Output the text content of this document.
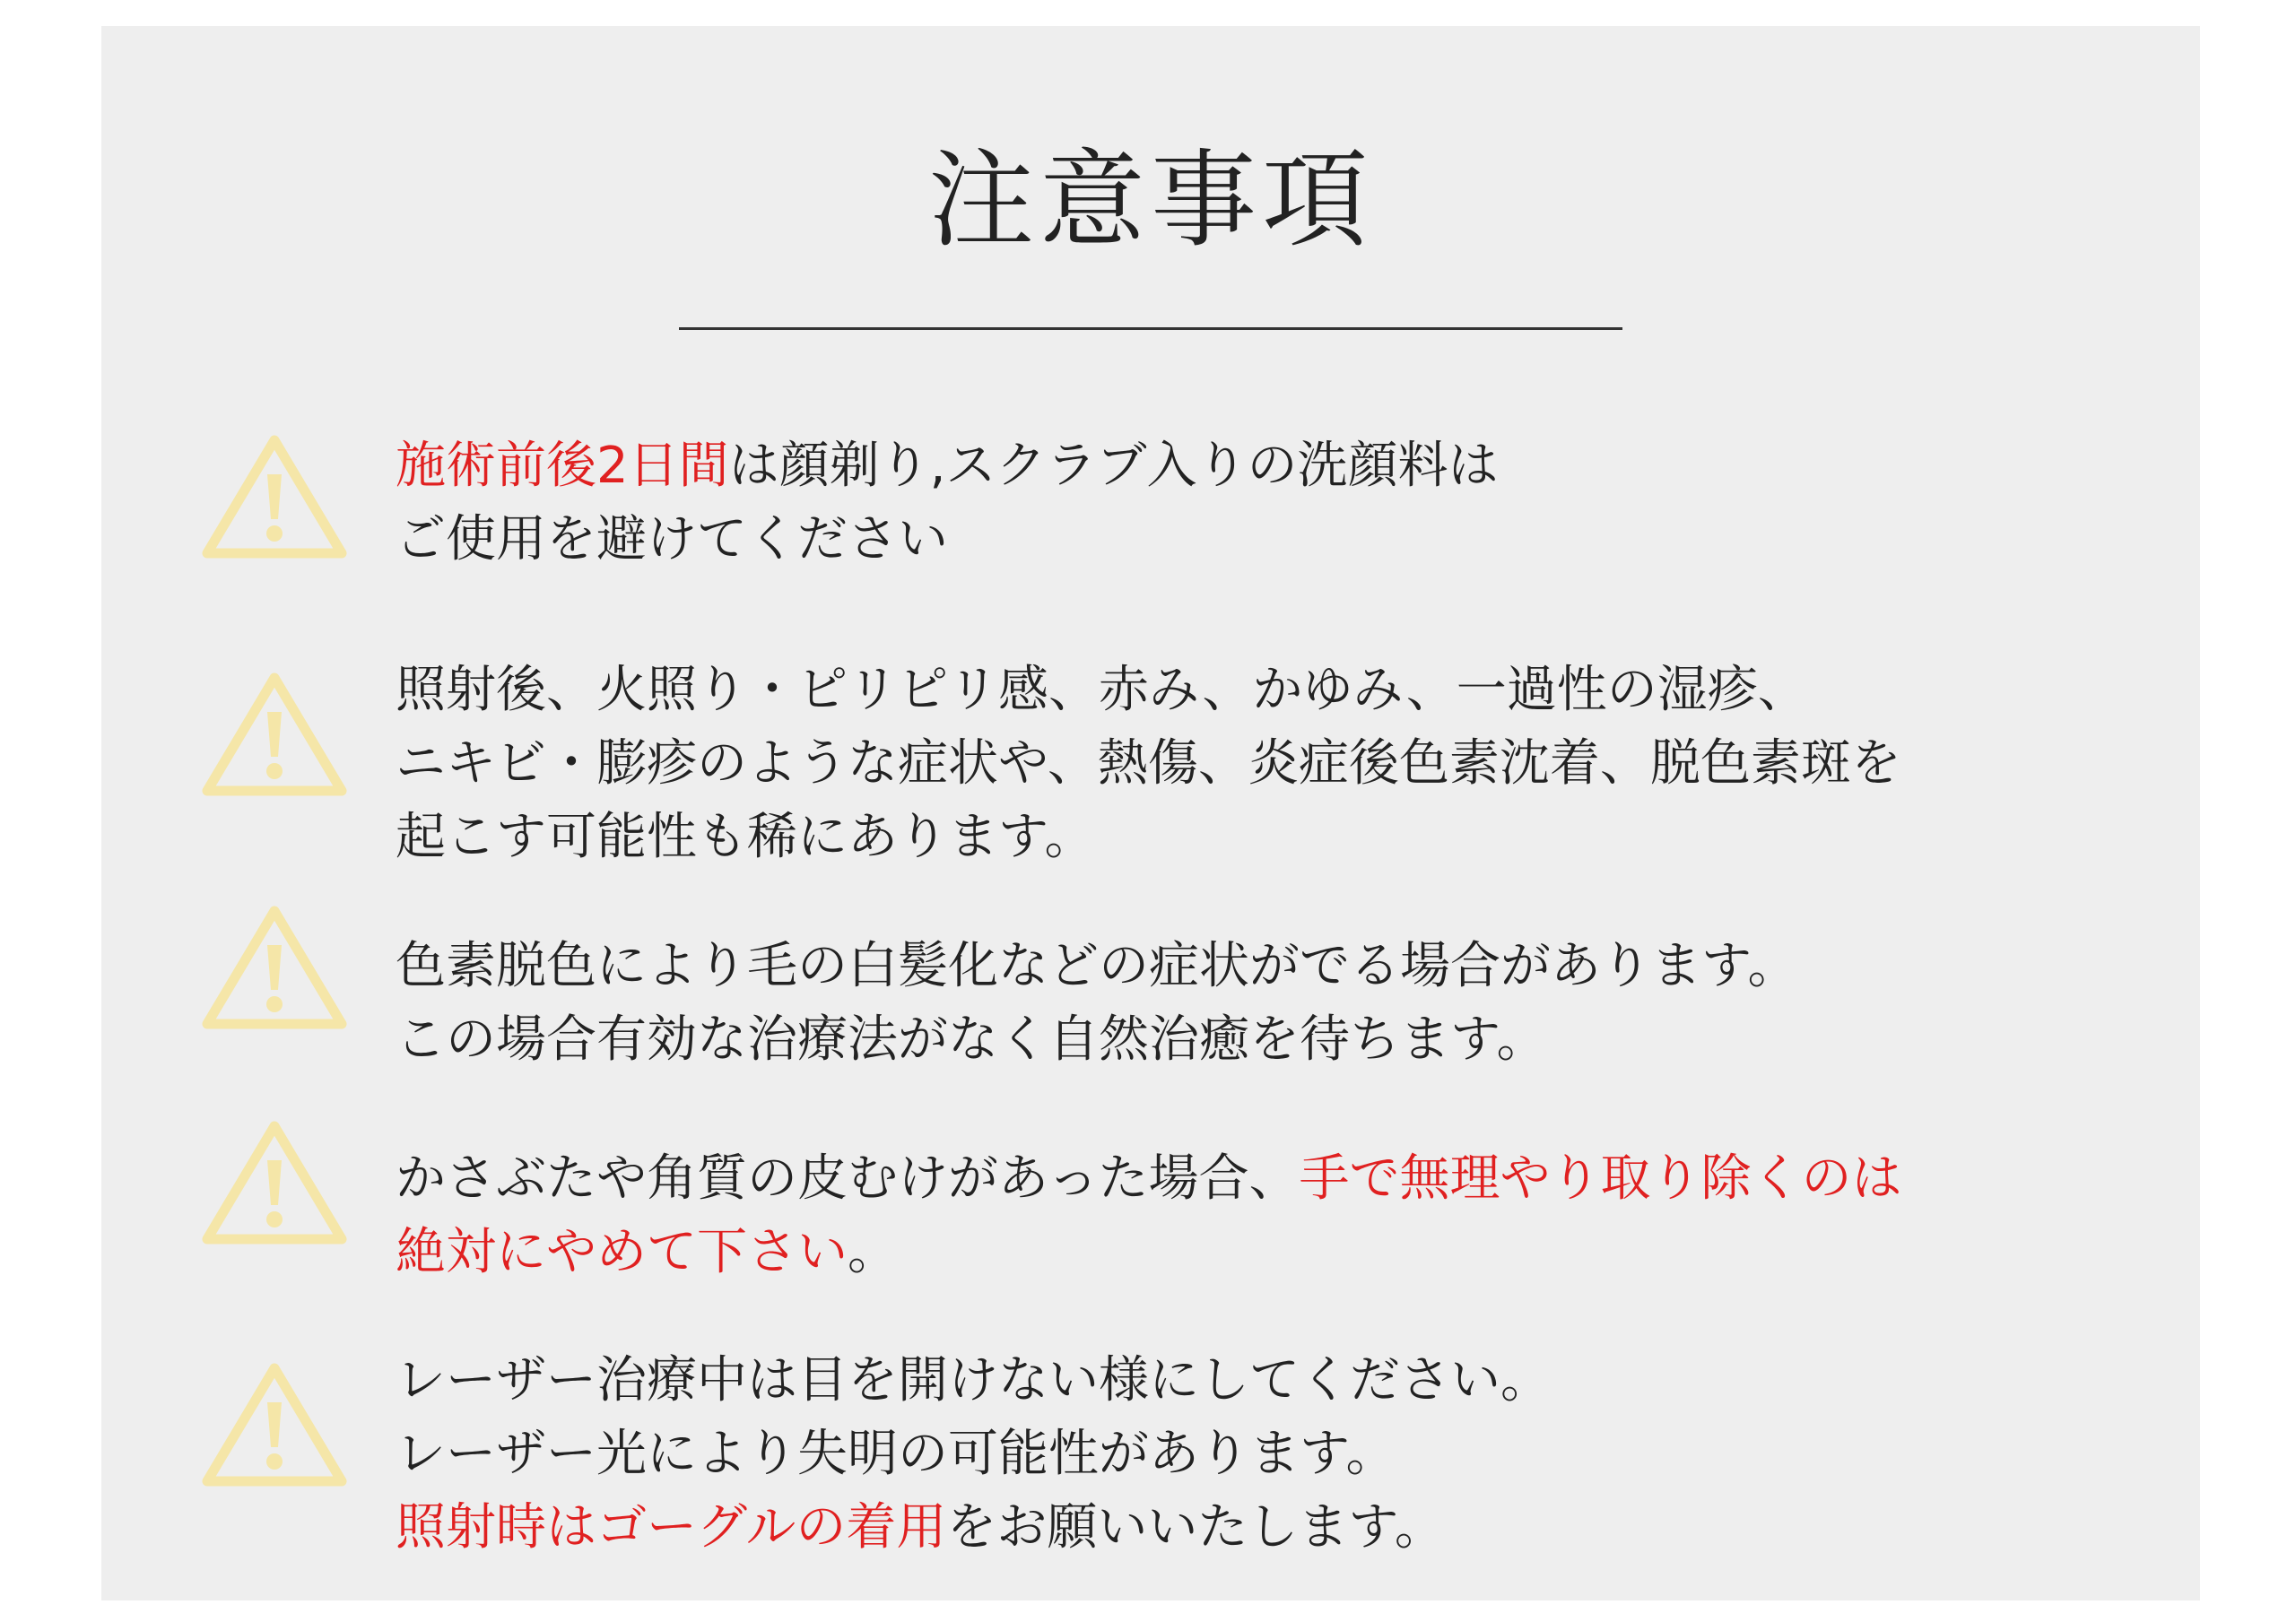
注意事項
施術前後2日間は顔剃り,スクラブ入りの洗顔料は
ご使用を避けてください
照射後、火照り・ピリピリ感、赤み、かゆみ、一過性の湿疹、
ニキビ・膨疹のような症状や、熱傷、炎症後色素沈着、脱色素斑を
起こす可能性も稀にあります。
色素脱色により毛の白髪化などの症状がでる場合があります。
この場合有効な治療法がなく自然治癒を待ちます。
かさぶたや角質の皮むけがあった場合、手で無理やり取り除くのは
絶対にやめて下さい。
レーザー治療中は目を開けない様にしてください。
レーザー光により失明の可能性があります。
照射時はゴーグルの着用をお願いいたします。
